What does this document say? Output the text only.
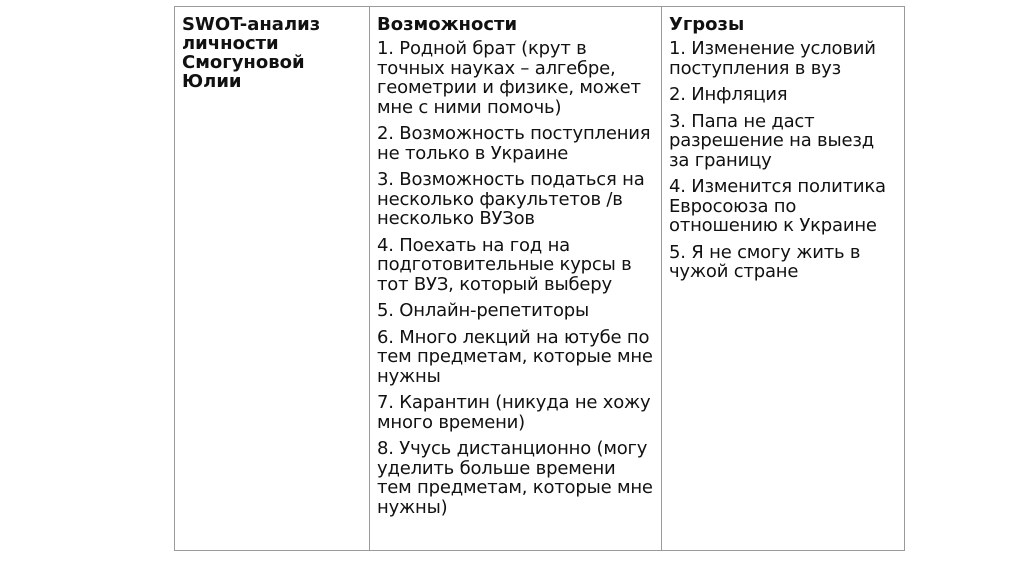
SWOT-анализ личности Смогуновой Юлии

Возможности

1. Родной брат (крут в точных науках – алгебре, геометрии и физике, может мне с ними помочь)
2. Возможность поступления не только в Украине
3. Возможность податься на несколько факультетов /в несколько ВУЗов
4. Поехать на год на подготовительные курсы в тот ВУЗ, который выберу
5. Онлайн-репетиторы
6. Много лекций на ютубе по тем предметам, которые мне нужны
7. Карантин (никуда не хожу много времени)
8. Учусь дистанционно (могу уделить больше времени тем предметам, которые мне нужны)

Угрозы

1. Изменение условий поступления в вуз
2. Инфляция
3. Папа не даст разрешение на выезд за границу
4. Изменится политика Евросоюза по отношению к Украине
5. Я не смогу жить в чужой стране
